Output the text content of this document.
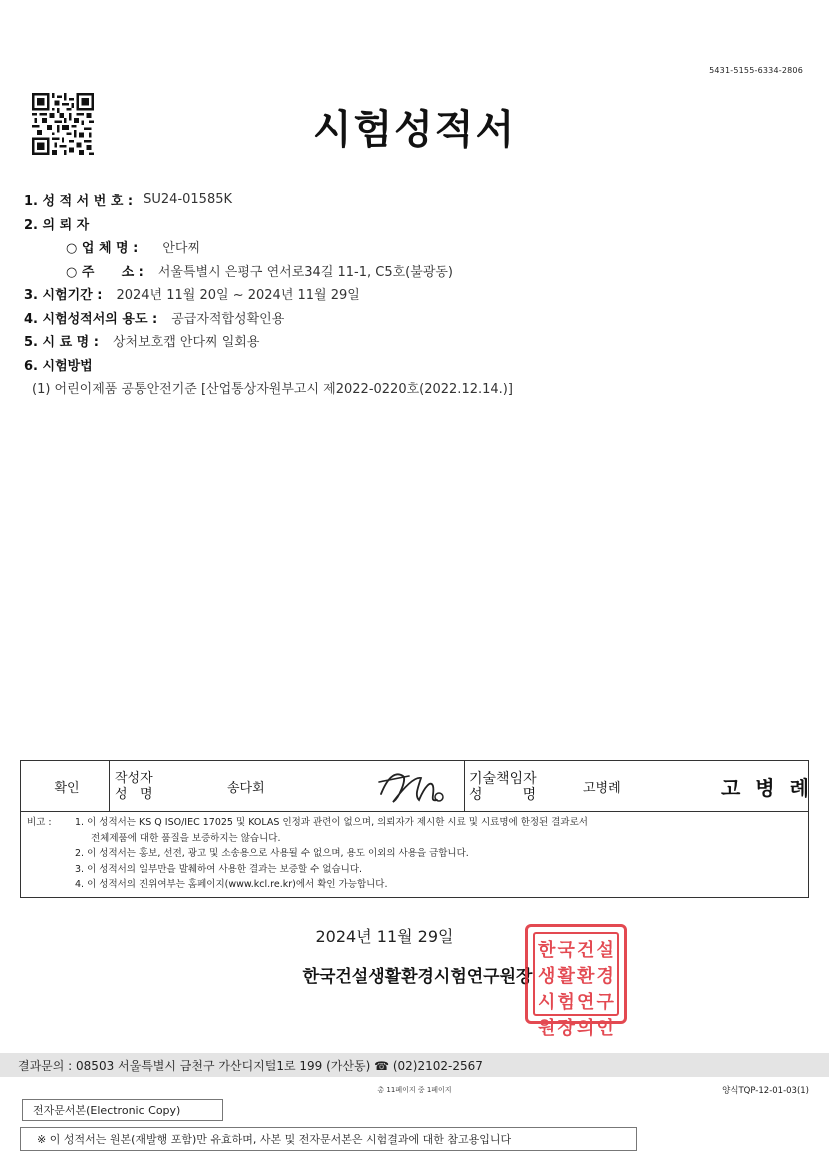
5431-5155-6334-2806
시험성적서
1. 성 적 서 번 호 : SU24-01585K
2. 의 뢰 자
○ 업 체 명 : 안다찌
○ 주      소 : 서울특별시 은평구 연서로34길 11-1, C5호(불광동)
3. 시험기간 : 2024년 11월 20일 ~ 2024년 11월 29일
4. 시험성적서의 용도 : 공급자적합성확인용
5. 시 료 명 : 상처보호캡 안다찌 일회용
6. 시험방법
(1) 어린이제품 공통안전기준 [산업통상자원부고시 제2022-0220호(2022.12.14.)]
확인
작성자
성   명	송다회
기술책임자
성         명	고병례	고 병 례
비고 : 1. 이 성적서는 KS Q ISO/IEC 17025 및 KOLAS 인정과 관련이 없으며, 의뢰자가 제시한 시료 및 시료명에 한정된 결과로서
전체제품에 대한 품질을 보증하지는 않습니다.
2. 이 성적서는 홍보, 선전, 광고 및 소송용으로 사용될 수 없으며, 용도 이외의 사용을 금합니다.
3. 이 성적서의 일부만을 발췌하여 사용한 결과는 보증할 수 없습니다.
4. 이 성적서의 진위여부는 홈페이지(www.kcl.re.kr)에서 확인 가능합니다.
2024년 11월 29일
한국건설생활환경시험연구원장
한 국 건 설
생 활 환 경
시 험 연 구
원 장 의 인
결과문의 : 08503 서울특별시 금천구 가산디지털1로 199 (가산동) ☎ (02)2102-2567
총 11페이지 중 1페이지	양식TQP-12-01-03(1)
전자문서본(Electronic Copy)
※ 이 성적서는 원본(재발행 포함)만 유효하며, 사본 및 전자문서본은 시험결과에 대한 참고용입니다
